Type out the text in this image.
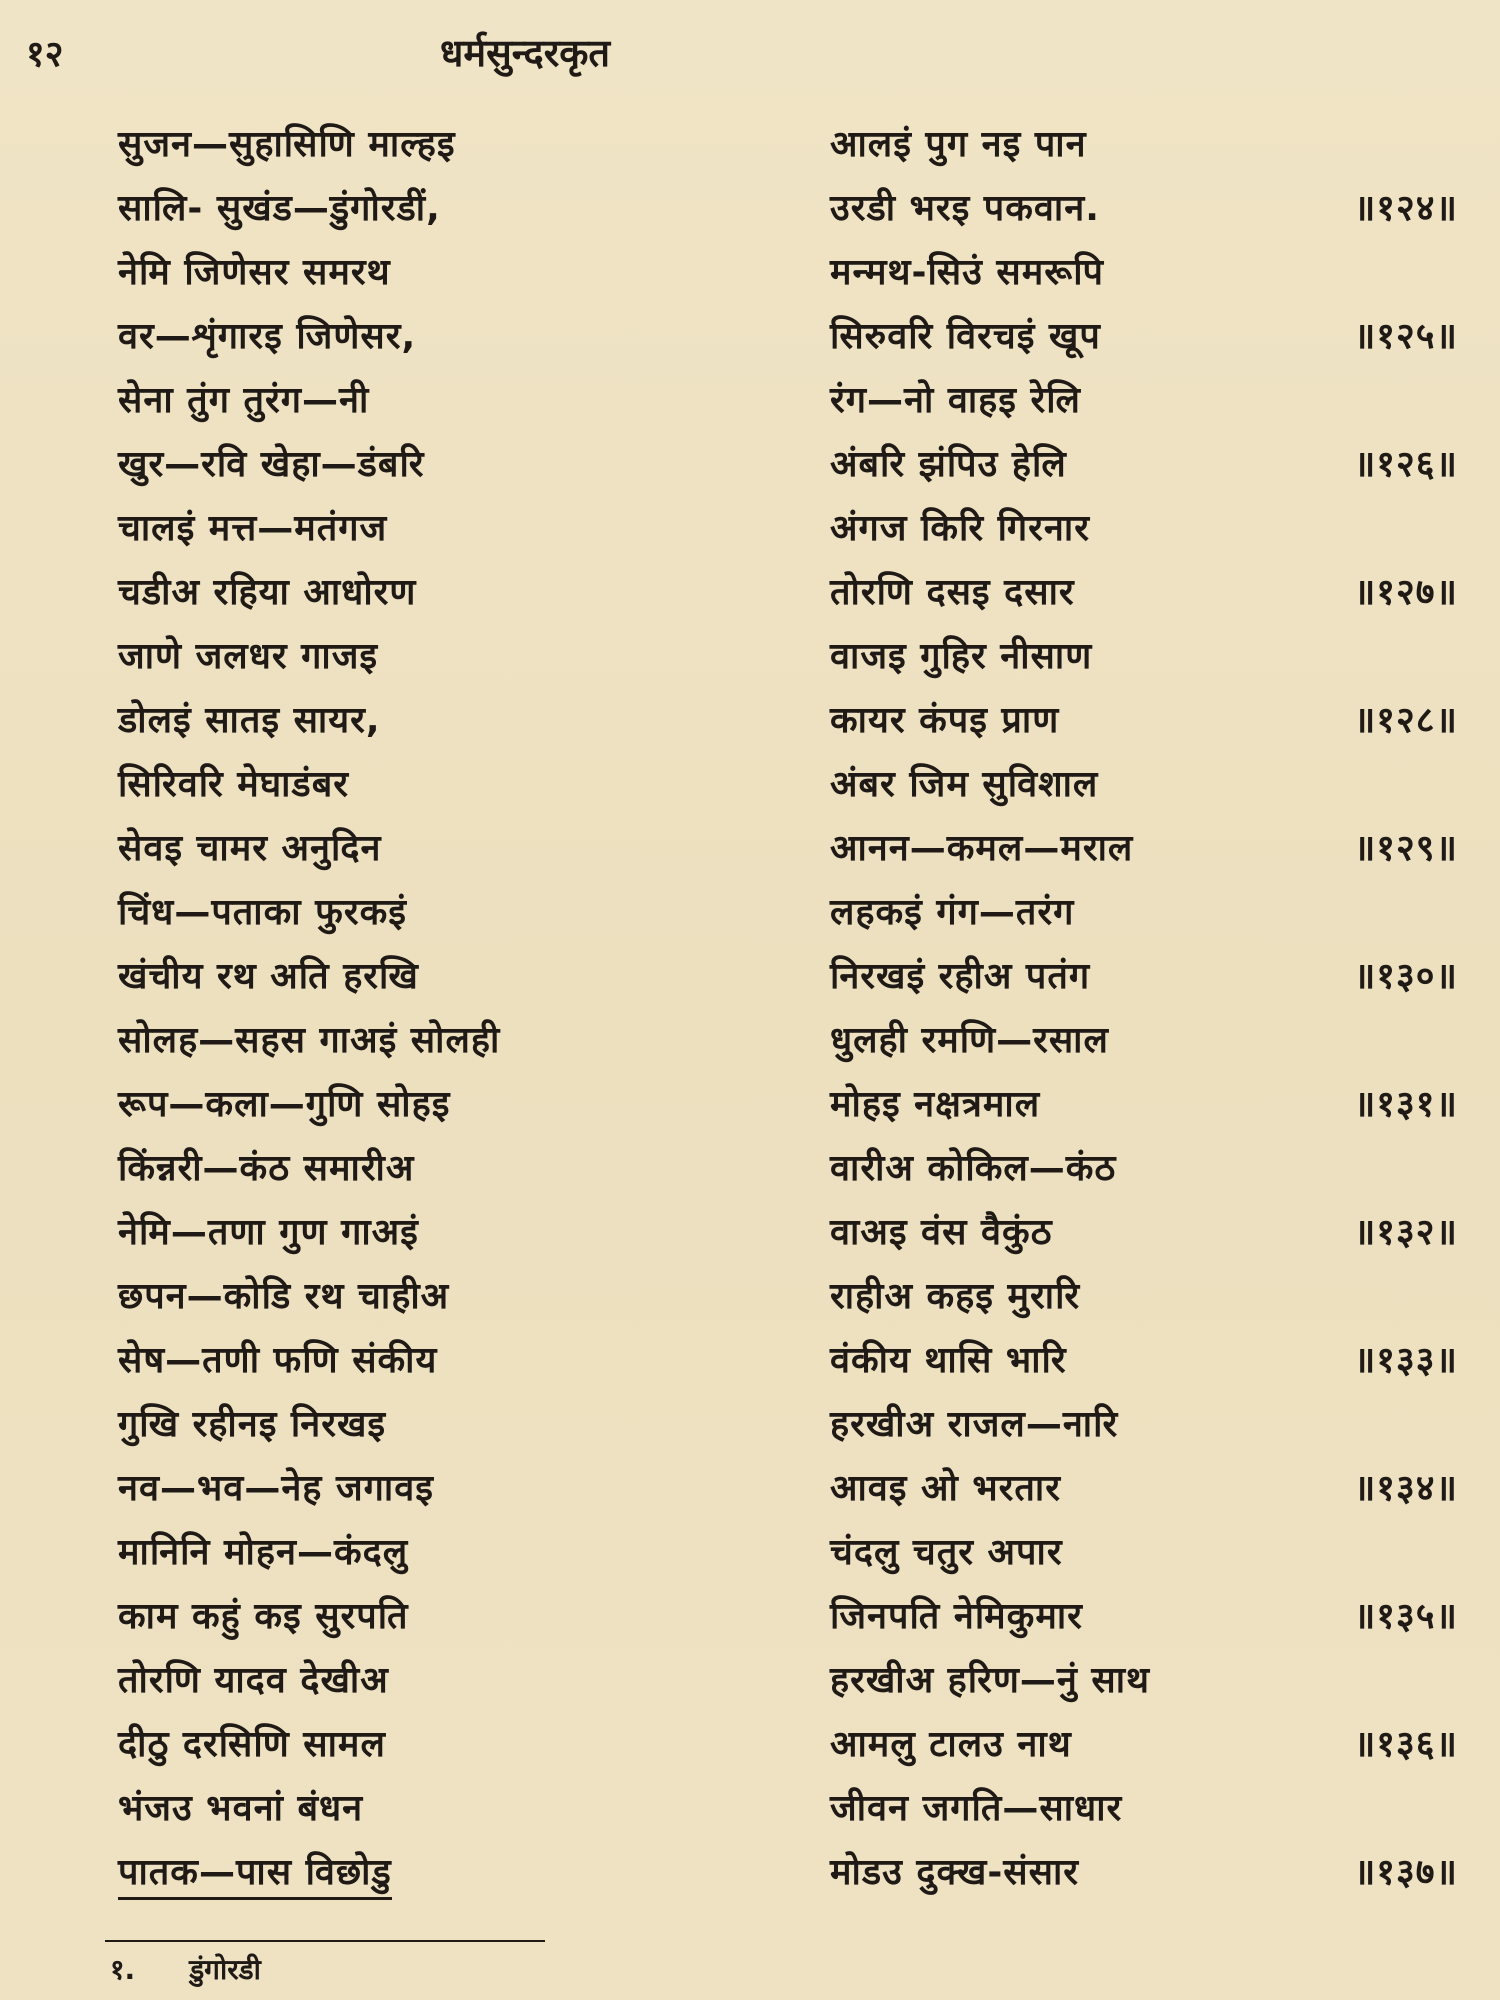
१२	धर्मसुन्दरकृत
सुजन—सुहासिणि माल्हइ	आलइं पुग नइ पान
सालि- सुखंड—डुंगोरडीं,	उरडी भरइ पकवान.	॥१२४॥
नेमि जिणेसर समरथ	मन्मथ-सिउं समरूपि
वर—शृंगारइ जिणेसर,	सिरुवरि विरचइं खूप	॥१२५॥
सेना तुंग तुरंग—नी	रंग—नो वाहइ रेलि
खुर—रवि खेहा—डंबरि	अंबरि झंपिउ हेलि	॥१२६॥
चालइं मत्त—मतंगज	अंगज किरि गिरनार
चडीअ रहिया आधोरण	तोरणि दसइ दसार	॥१२७॥
जाणे जलधर गाजइ	वाजइ गुहिर नीसाण
डोलइं सातइ सायर,	कायर कंपइ प्राण	॥१२८॥
सिरिवरि मेघाडंबर	अंबर जिम सुविशाल
सेवइ चामर अनुदिन	आनन—कमल—मराल	॥१२९॥
चिंध—पताका फुरकइं	लहकइं गंग—तरंग
खंचीय रथ अति हरखि	निरखइं रहीअ पतंग	॥१३०॥
सोलह—सहस गाअइं सोलही	धुलही रमणि—रसाल
रूप—कला—गुणि सोहइ	मोहइ नक्षत्रमाल	॥१३१॥
किंन्नरी—कंठ समारीअ	वारीअ कोकिल—कंठ
नेमि—तणा गुण गाअइं	वाअइ वंस वैकुंठ	॥१३२॥
छपन—कोडि रथ चाहीअ	राहीअ कहइ मुरारि
सेष—तणी फणि संकीय	वंकीय थासि भारि	॥१३३॥
गुखि रहीनइ निरखइ	हरखीअ राजल—नारि
नव—भव—नेह जगावइ	आवइ ओ भरतार	॥१३४॥
मानिनि मोहन—कंदलु	चंदलु चतुर अपार
काम कहुं कइ सुरपति	जिनपति नेमिकुमार	॥१३५॥
तोरणि यादव देखीअ	हरखीअ हरिण—नुं साथ
दीठु दरसिणि सामल	आमलु टालउ नाथ	॥१३६॥
भंजउ भवनां बंधन	जीवन जगति—साधार
पातक—पास विछोडु	मोडउ दुक्ख-संसार	॥१३७॥
१. डुंगोरडी
